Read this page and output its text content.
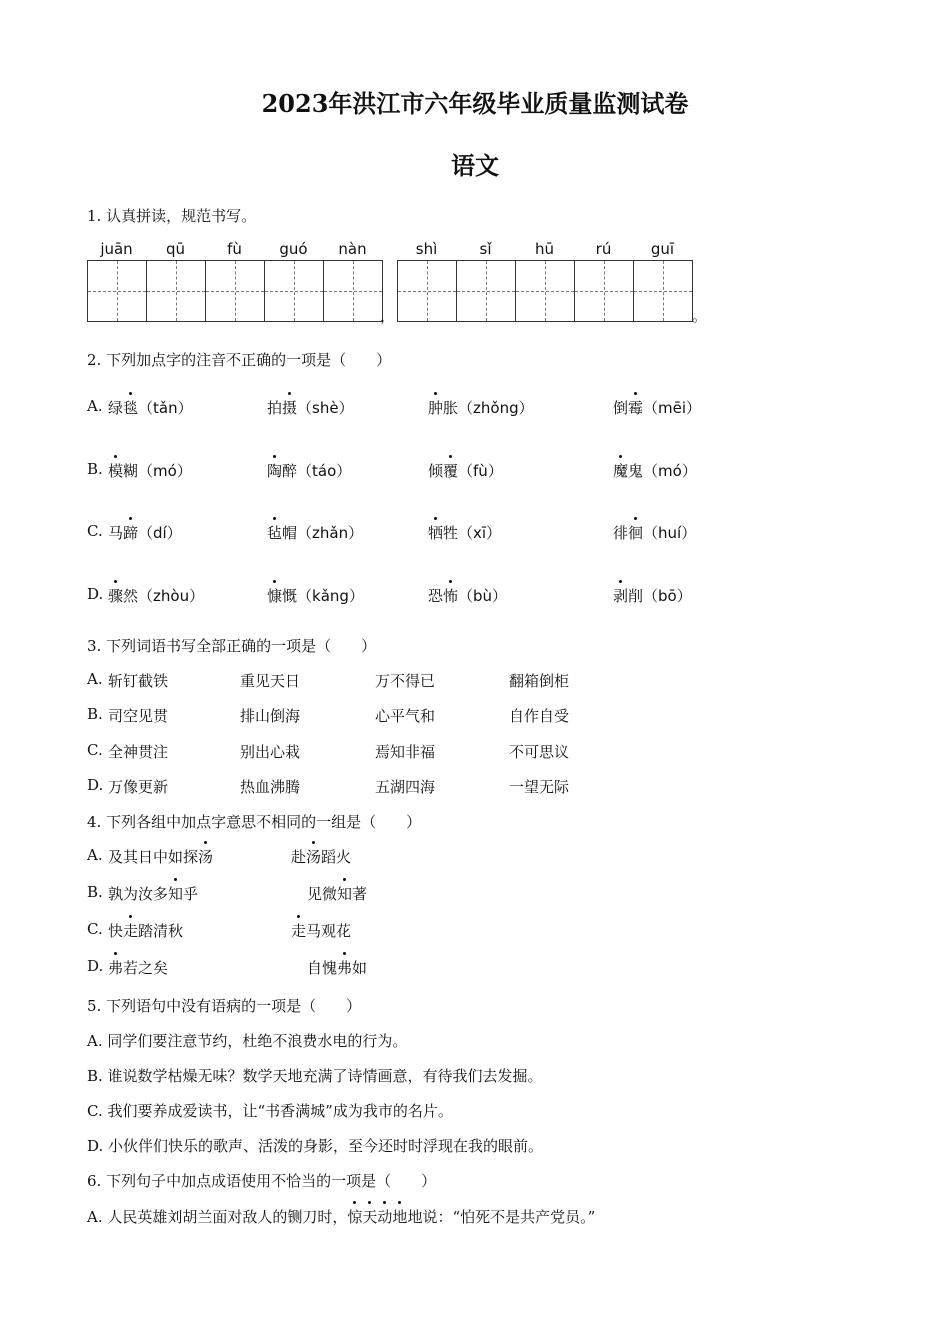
2023年洪江市六年级毕业质量监测试卷
语文
1. 认真拼读，规范书写。
juān	qū	fù	guó	nàn
，
shì	sǐ	hū	rú	guī
。
2. 下列加点字的注音不正确的一项是（　　）
A. 绿毯（tǎn）	拍摄（shè）	肿胀（zhǒng）	倒霉（mēi）
B. 模糊（mó）	陶醉（táo）	倾覆（fù）	魔鬼（mó）
C. 马蹄（dí）	毡帽（zhǎn）	牺牲（xī）	徘徊（huí）
D. 骤然（zhòu）	慷慨（kǎng）	恐怖（bù）	剥削（bō）
3. 下列词语书写全部正确的一项是（　　）
A. 斩钉截铁	重见天日	万不得已	翻箱倒柜
B. 司空见贯	排山倒海	心平气和	自作自受
C. 全神贯注	别出心栽	焉知非福	不可思议
D. 万像更新	热血沸腾	五湖四海	一望无际
4. 下列各组中加点字意思不相同的一组是（　　）
A. 及其日中如探汤	赴汤蹈火
B. 孰为汝多知乎	见微知著
C. 快走踏清秋	走马观花
D. 弗若之矣	自愧弗如
5. 下列语句中没有语病的一项是（　　）
A. 同学们要注意节约，杜绝不浪费水电的行为。
B. 谁说数学枯燥无味？数学天地充满了诗情画意，有待我们去发掘。
C. 我们要养成爱读书，让“书香满城”成为我市的名片。
D. 小伙伴们快乐的歌声、活泼的身影，至今还时时浮现在我的眼前。
6. 下列句子中加点成语使用不恰当的一项是（　　）
A. 人民英雄刘胡兰面对敌人的铡刀时，惊天动地地说：“怕死不是共产党员。”
